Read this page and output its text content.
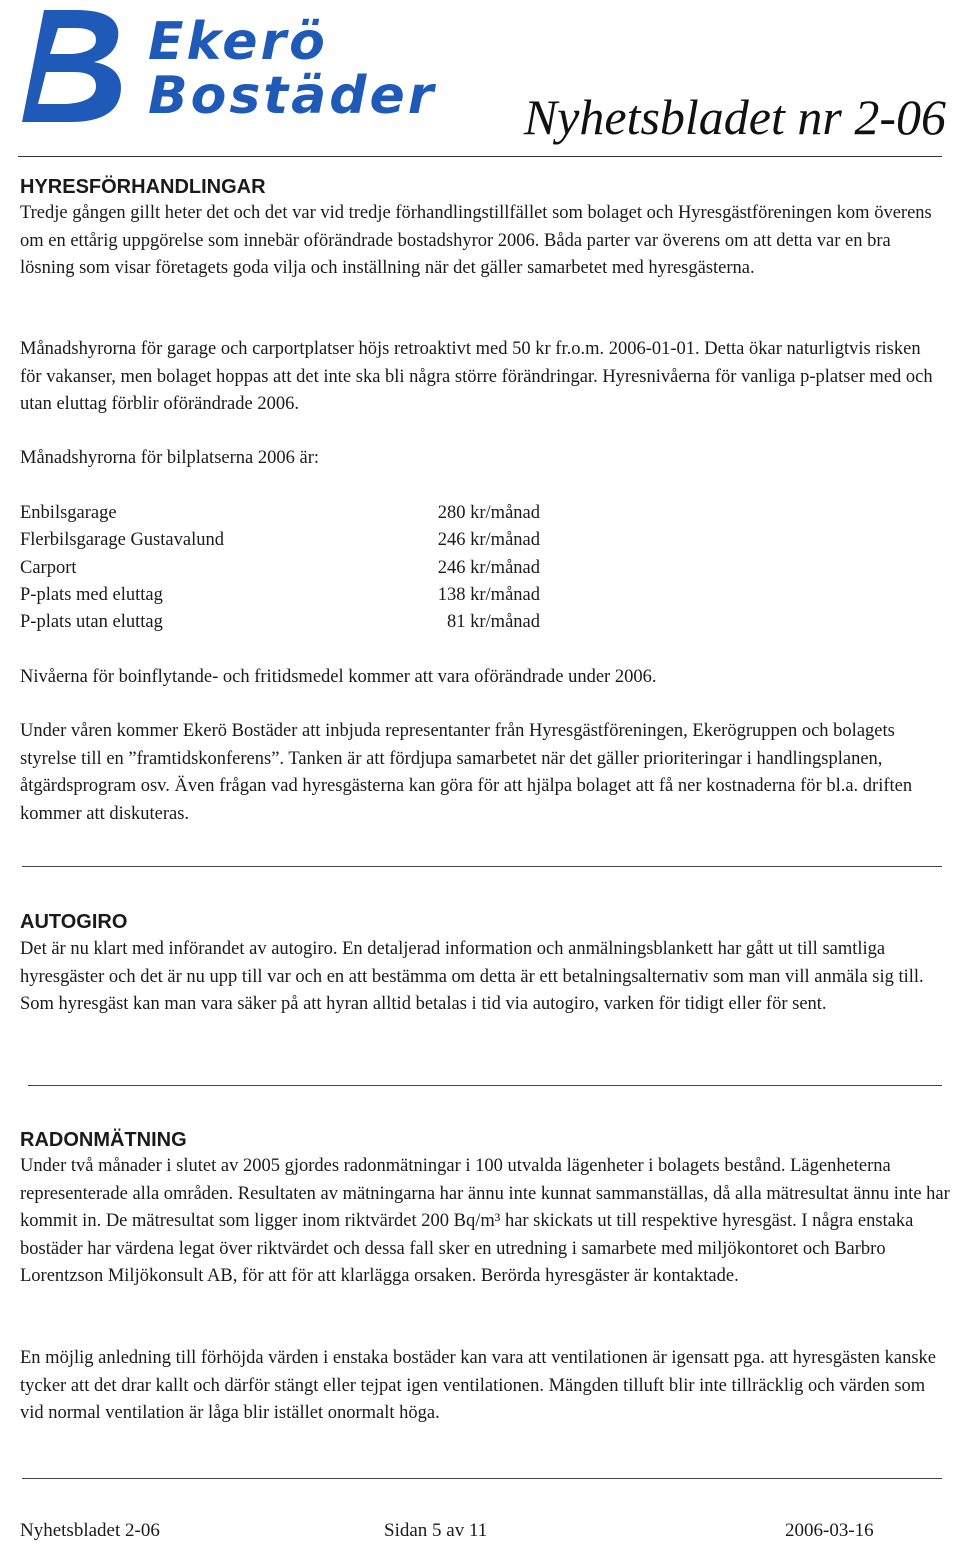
Ekerö
Bostäder Nyhetsbladet nr 2-06
HYRESFÖRHANDLINGAR

Tredje gången gillt heter det och det var vid tredje förhandlingstillfället som bolaget och Hyresgästföreningen kom överens om en ettårig uppgörelse som innebär oförändrade bostadshyror 2006. Båda parter var överens om att detta var en bra lösning som visar företagets goda vilja och inställning när det gäller samarbetet med hyresgästerna.

Månadshyrorna för garage och carportplatser höjs retroaktivt med 50 kr fr.o.m. 2006-01-01. Detta ökar naturligtvis risken för vakanser, men bolaget hoppas att det inte ska bli några större förändringar. Hyresnivåerna för vanliga p-platser med och utan eluttag förblir oförändrade 2006.

Månadshyrorna för bilplatserna 2006 är:

Enbilsgarage	280 kr/månad
Flerbilsgarage Gustavalund	246 kr/månad
Carport	246 kr/månad
P-plats med eluttag	138 kr/månad
P-plats utan eluttag	81 kr/månad

Nivåerna för boinflytande- och fritidsmedel kommer att vara oförändrade under 2006.

Under våren kommer Ekerö Bostäder att inbjuda representanter från Hyresgästföreningen, Ekerögruppen och bolagets styrelse till en ”framtidskonferens”. Tanken är att fördjupa samarbetet när det gäller prioriteringar i handlingsplanen, åtgärdsprogram osv. Även frågan vad hyresgästerna kan göra för att hjälpa bolaget att få ner kostnaderna för bl.a. driften kommer att diskuteras.

AUTOGIRO

Det är nu klart med införandet av autogiro. En detaljerad information och anmälningsblankett har gått ut till samtliga hyresgäster och det är nu upp till var och en att bestämma om detta är ett betalningsalternativ som man vill anmäla sig till. Som hyresgäst kan man vara säker på att hyran alltid betalas i tid via autogiro, varken för tidigt eller för sent.

RADONMÄTNING

Under två månader i slutet av 2005 gjordes radonmätningar i 100 utvalda lägenheter i bolagets bestånd. Lägenheterna representerade alla områden. Resultaten av mätningarna har ännu inte kunnat sammanställas, då alla mätresultat ännu inte har kommit in. De mätresultat som ligger inom riktvärdet 200 Bq/m³ har skickats ut till respektive hyresgäst. I några enstaka bostäder har värdena legat över riktvärdet och dessa fall sker en utredning i samarbete med miljökontoret och Barbro Lorentzson Miljökonsult AB, för att för att klarlägga orsaken. Berörda hyresgäster är kontaktade.

En möjlig anledning till förhöjda värden i enstaka bostäder kan vara att ventilationen är igensatt pga. att hyresgästen kanske tycker att det drar kallt och därför stängt eller tejpat igen ventilationen. Mängden tilluft blir inte tillräcklig och värden som vid normal ventilation är låga blir istället onormalt höga.

Nyhetsbladet 2-06	Sidan 5 av 11	2006-03-16
